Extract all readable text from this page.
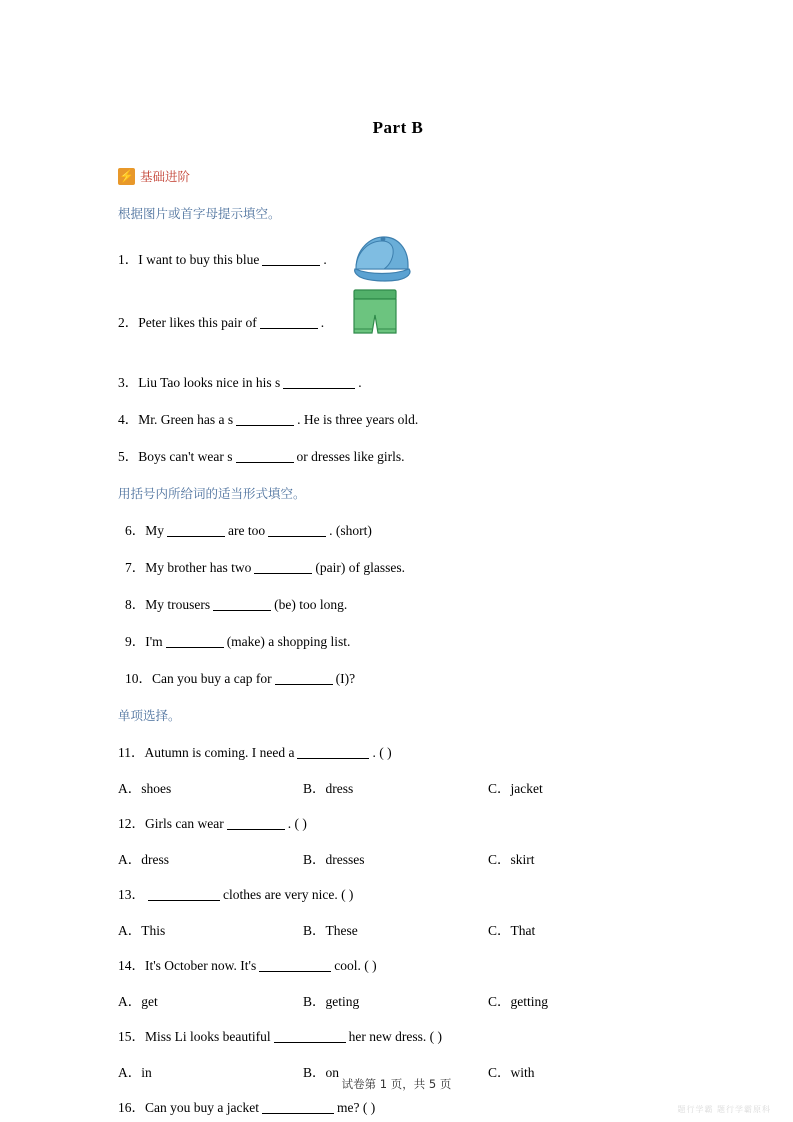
Part B
⚡
基础进阶
根据图片或首字母提示填空。
1．I want to buy this blue	.
2．Peter likes this pair of	.
3．Liu Tao looks nice in his s	.
4．Mr. Green has a s	. He is three years old.
5．Boys can't wear s	or dresses like girls.
用括号内所给词的适当形式填空。
6．My	are too	. (short)
7．My brother has two	(pair) of glasses.
8．My trousers	(be) too long.
9．I'm	(make) a shopping list.
10．Can you buy a cap for	(I)?
单项选择。
11．Autumn is coming. I need a	. ( )
A．shoes	B．dress	C．jacket
12．Girls can wear	. ( )
A．dress	B．dresses	C．skirt
13．	clothes are very nice. ( )
A．This	B．These	C．That
14．It's October now. It's	cool. ( )
A．get	B．geting	C．getting
15．Miss Li looks beautiful	her new dress. ( )
A．in	B．on	C．with
16．Can you buy a jacket	me? ( )
试卷第 1 页，共 5 页
题行学霸 题行学霸原科
